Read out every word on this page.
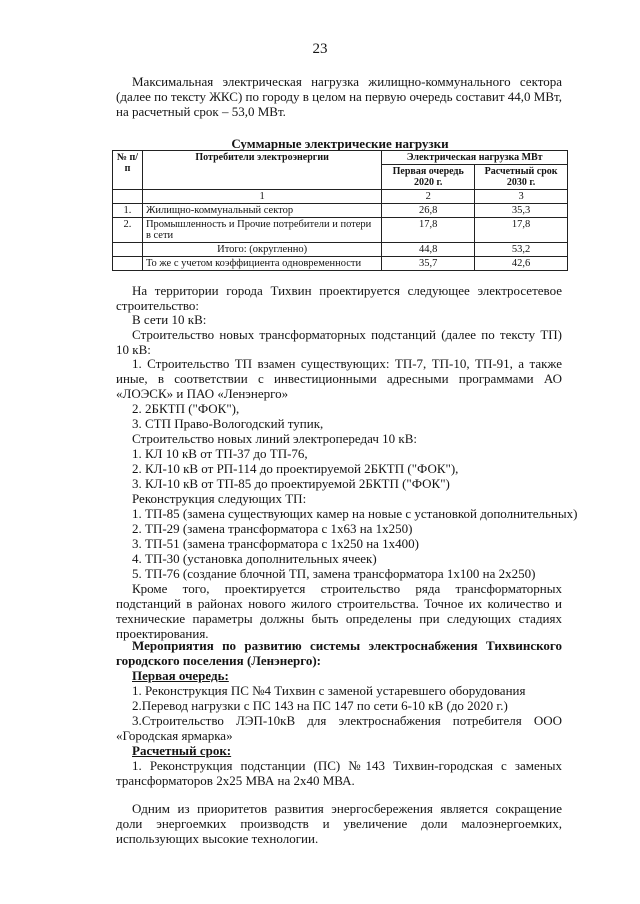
23
Максимальная электрическая нагрузка жилищно-коммунального сектора (далее по тексту ЖКС) по городу в целом на первую очередь составит 44,0 МВт, на расчетный срок – 53,0 МВт.
Суммарные электрические нагрузки
№ п/п	Потребители электроэнергии	Электрическая нагрузка МВт	
		Первая очередь 2020 г.	Расчетный срок 2030 г.
	1	2	3
1.	Жилищно-коммунальный сектор	26,8	35,3
2.	Промышленность и Прочие потребители и потери в сети	17,8	17,8
	Итого: (округленно)	44,8	53,2
	То же с учетом коэффициента одновременности	35,7	42,6
На территории города Тихвин проектируется следующее электросетевое строительство:
В сети 10 кВ:
Строительство новых трансформаторных подстанций (далее по тексту ТП) 10 кВ:
1. Строительство ТП взамен существующих: ТП-7, ТП-10, ТП-91, а также иные, в соответствии с инвестиционными адресными программами АО «ЛОЭСК» и ПАО «Ленэнерго»
2. 2БКТП ("ФОК"),
3. СТП Право-Вологодский тупик,
Строительство новых линий электропередач 10 кВ:
1. КЛ 10 кВ от ТП-37 до ТП-76,
2. КЛ-10 кВ от РП-114 до проектируемой 2БКТП ("ФОК"),
3. КЛ-10 кВ от ТП-85 до проектируемой 2БКТП ("ФОК")
Реконструкция следующих ТП:
1. ТП-85 (замена существующих камер на новые с установкой дополнительных)
2. ТП-29 (замена трансформатора с 1х63 на 1х250)
3. ТП-51 (замена трансформатора с 1х250 на 1х400)
4. ТП-30 (установка дополнительных ячеек)
5. ТП-76 (создание блочной ТП, замена трансформатора 1х100 на 2х250)
Кроме того, проектируется строительство ряда трансформаторных подстанций в районах нового жилого строительства. Точное их количество и технические параметры должны быть определены при следующих стадиях проектирования.
Мероприятия по развитию системы электроснабжения Тихвинского городского поселения (Ленэнерго):
Первая очередь:
1. Реконструкция ПС №4 Тихвин с заменой устаревшего оборудования
2.Перевод нагрузки с ПС 143 на ПС 147 по сети 6-10 кВ (до 2020 г.)
3.Строительство ЛЭП-10кВ для электроснабжения потребителя ООО «Городская ярмарка»
Расчетный срок:
1. Реконструкция подстанции (ПС) №143 Тихвин-городская с заменых трансформаторов 2х25 МВА на 2х40 МВА.
Одним из приоритетов развития энергосбережения является сокращение доли энергоемких производств и увеличение доли малоэнергоемких, использующих высокие технологии.
